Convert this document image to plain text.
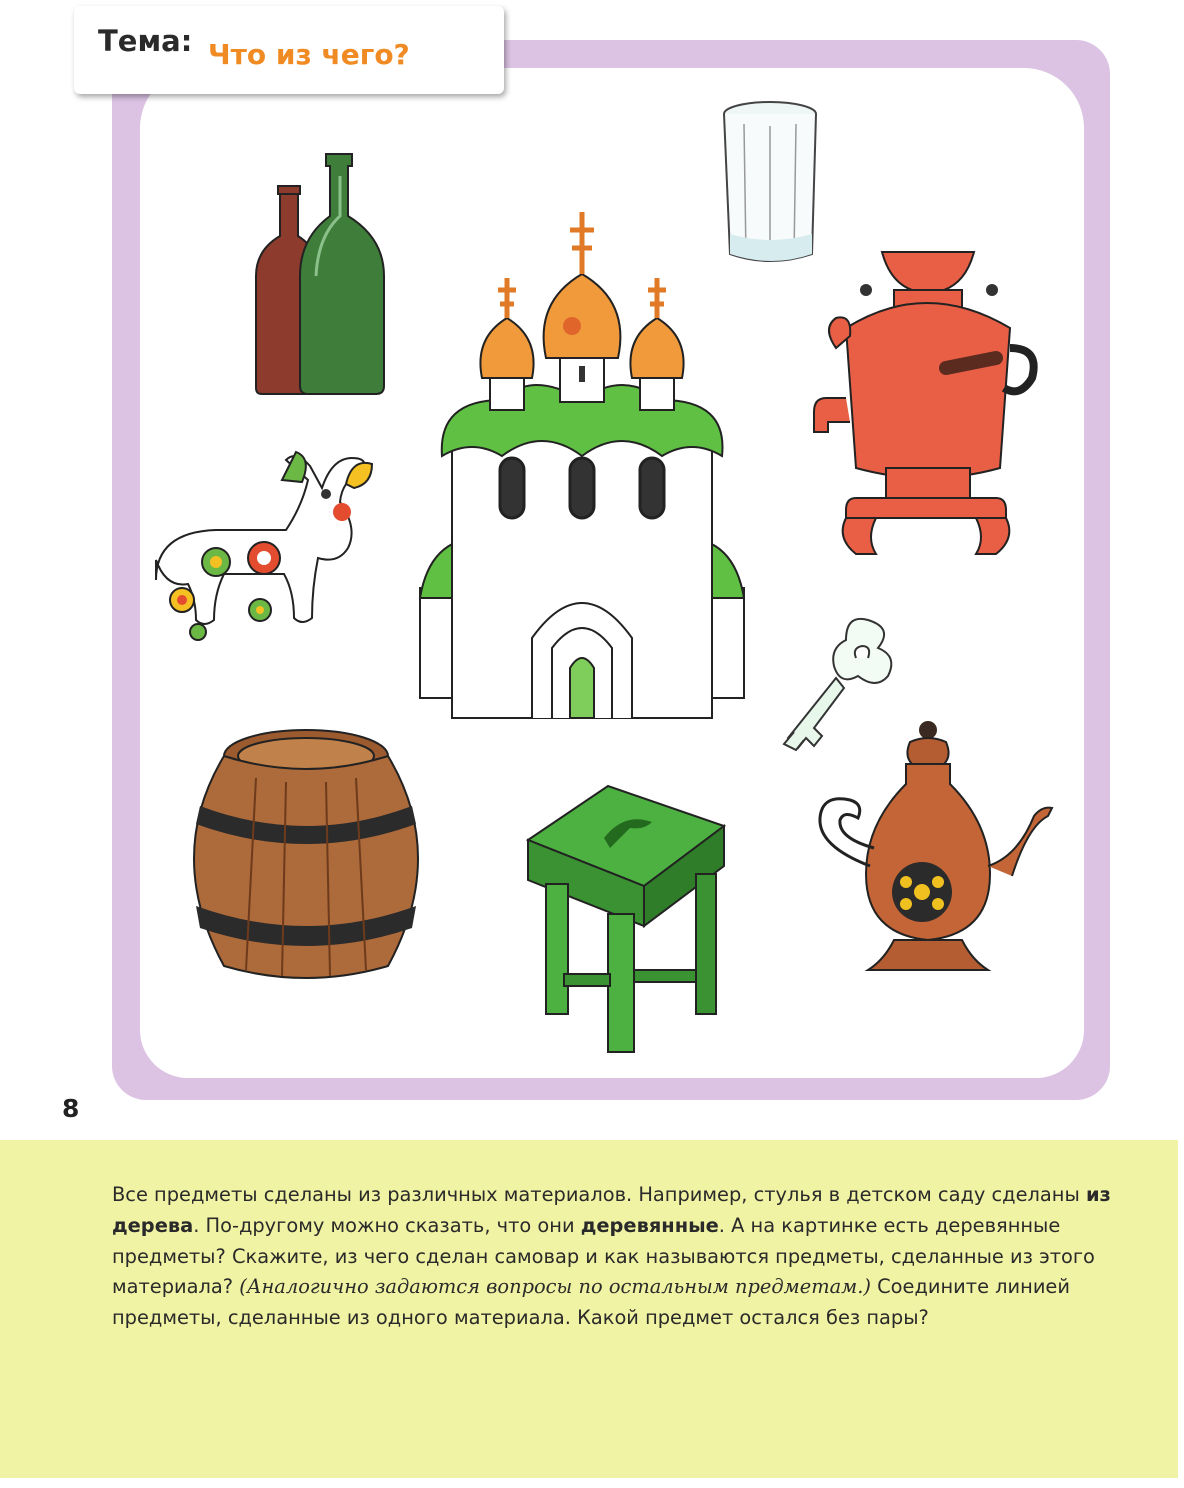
Тема: Что из чего?
8
Все предметы сделаны из различных материалов. Например, стулья в детском саду сделаны из дерева. По-другому можно сказать, что они деревянные. А на картинке есть деревянные предметы? Скажите, из чего сделан самовар и как называются предметы, сделанные из этого материала? (Аналогично задаются вопросы по остальным предметам.) Соедините линией предметы, сделанные из одного материала. Какой предмет остался без пары?
